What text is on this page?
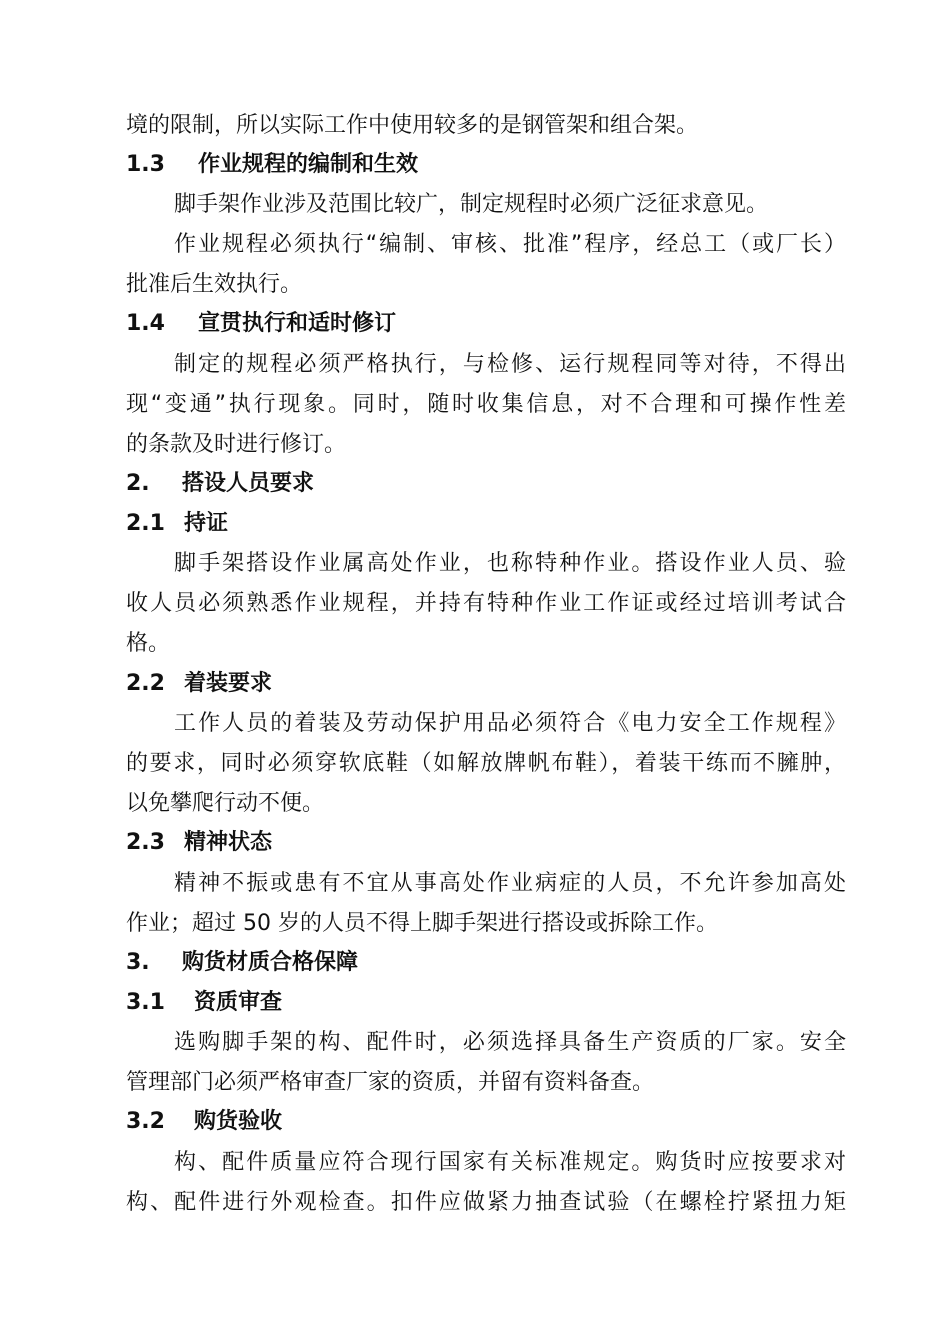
境的限制，所以实际工作中使用较多的是钢管架和组合架。
1.3 作业规程的编制和生效
脚手架作业涉及范围比较广，制定规程时必须广泛征求意见。
作业规程必须执行“编制、审核、批准”程序，经总工（或厂长）
批准后生效执行。
1.4 宣贯执行和适时修订
制定的规程必须严格执行，与检修、运行规程同等对待，不得出
现“变通”执行现象。同时，随时收集信息，对不合理和可操作性差
的条款及时进行修订。
2. 搭设人员要求
2.1 持证
脚手架搭设作业属高处作业，也称特种作业。搭设作业人员、验
收人员必须熟悉作业规程，并持有特种作业工作证或经过培训考试合
格。
2.2 着装要求
工作人员的着装及劳动保护用品必须符合《电力安全工作规程》
的要求，同时必须穿软底鞋（如解放牌帆布鞋），着装干练而不臃肿，
以免攀爬行动不便。
2.3 精神状态
精神不振或患有不宜从事高处作业病症的人员，不允许参加高处
作业；超过 50 岁的人员不得上脚手架进行搭设或拆除工作。
3. 购货材质合格保障
3.1 资质审查
选购脚手架的构、配件时，必须选择具备生产资质的厂家。安全
管理部门必须严格审查厂家的资质，并留有资料备查。
3.2 购货验收
构、配件质量应符合现行国家有关标准规定。购货时应按要求对
构、配件进行外观检查。扣件应做紧力抽查试验（在螺栓拧紧扭力矩
